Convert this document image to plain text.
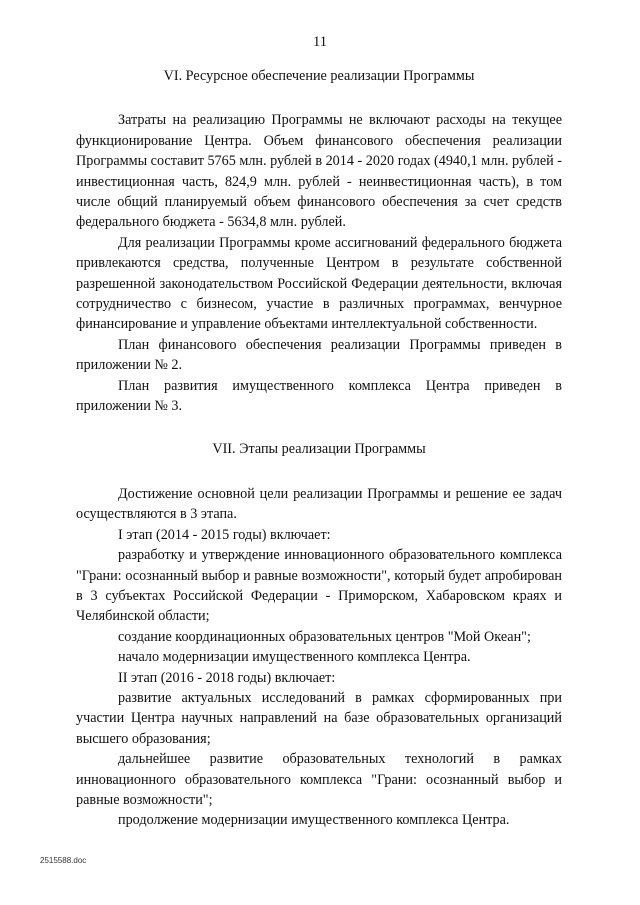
11
VI. Ресурсное обеспечение реализации Программы

Затраты на реализацию Программы не включают расходы на текущее функционирование Центра. Объем финансового обеспечения реализации Программы составит 5765 млн. рублей в 2014 - 2020 годах (4940,1 млн. рублей - инвестиционная часть, 824,9 млн. рублей - неинвестиционная часть), в том числе общий планируемый объем финансового обеспечения за счет средств федерального бюджета - 5634,8 млн. рублей.

Для реализации Программы кроме ассигнований федерального бюджета привлекаются средства, полученные Центром в результате собственной разрешенной законодательством Российской Федерации деятельности, включая сотрудничество с бизнесом, участие в различных программах, венчурное финансирование и управление объектами интеллектуальной собственности.

План финансового обеспечения реализации Программы приведен в приложении № 2.

План развития имущественного комплекса Центра приведен в приложении № 3.

VII. Этапы реализации Программы

Достижение основной цели реализации Программы и решение ее задач осуществляются в 3 этапа.

I этап (2014 - 2015 годы) включает:

разработку и утверждение инновационного образовательного комплекса "Грани: осознанный выбор и равные возможности", который будет апробирован в 3 субъектах Российской Федерации - Приморском, Хабаровском краях и Челябинской области;

создание координационных образовательных центров "Мой Океан";

начало модернизации имущественного комплекса Центра.

II этап (2016 - 2018 годы) включает:

развитие актуальных исследований в рамках сформированных при участии Центра научных направлений на базе образовательных организаций высшего образования;

дальнейшее развитие образовательных технологий в рамках инновационного образовательного комплекса "Грани: осознанный выбор и равные возможности";

продолжение модернизации имущественного комплекса Центра.

2515588.doc
